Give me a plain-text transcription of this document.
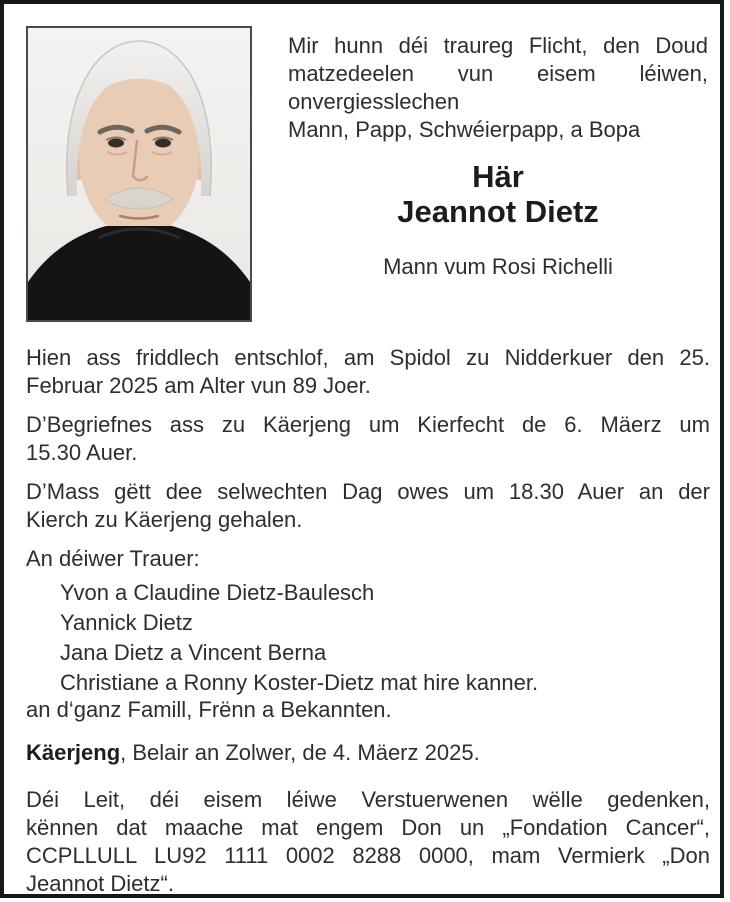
Mir hunn déi traureg Flicht, den Doud
matzedeelen vun eisem léiwen,
onvergiesslechen
Mann, Papp, Schwéierpapp, a Bopa
Här
Jeannot Dietz
Mann vum Rosi Richelli
Hien ass friddlech entschlof, am Spidol zu Nidderkuer den 25.
Februar 2025 am Alter vun 89 Joer.
D’Begriefnes ass zu Käerjeng um Kierfecht de 6. Mäerz um
15.30 Auer.
D’Mass gëtt dee selwechten Dag owes um 18.30 Auer an der
Kierch zu Käerjeng gehalen.
An déiwer Trauer:
Yvon a Claudine Dietz-Baulesch
Yannick Dietz
Jana Dietz a Vincent Berna
Christiane a Ronny Koster-Dietz mat hire kanner.
an d‘ganz Famill, Frënn a Bekannten.
Käerjeng, Belair an Zolwer, de 4. Mäerz 2025.
Déi Leit, déi eisem léiwe Verstuerwenen wëlle gedenken,
kënnen dat maache mat engem Don un „Fondation Cancer“,
CCPLLULL LU92 1111 0002 8288 0000, mam Vermierk „Don
Jeannot Dietz“.
